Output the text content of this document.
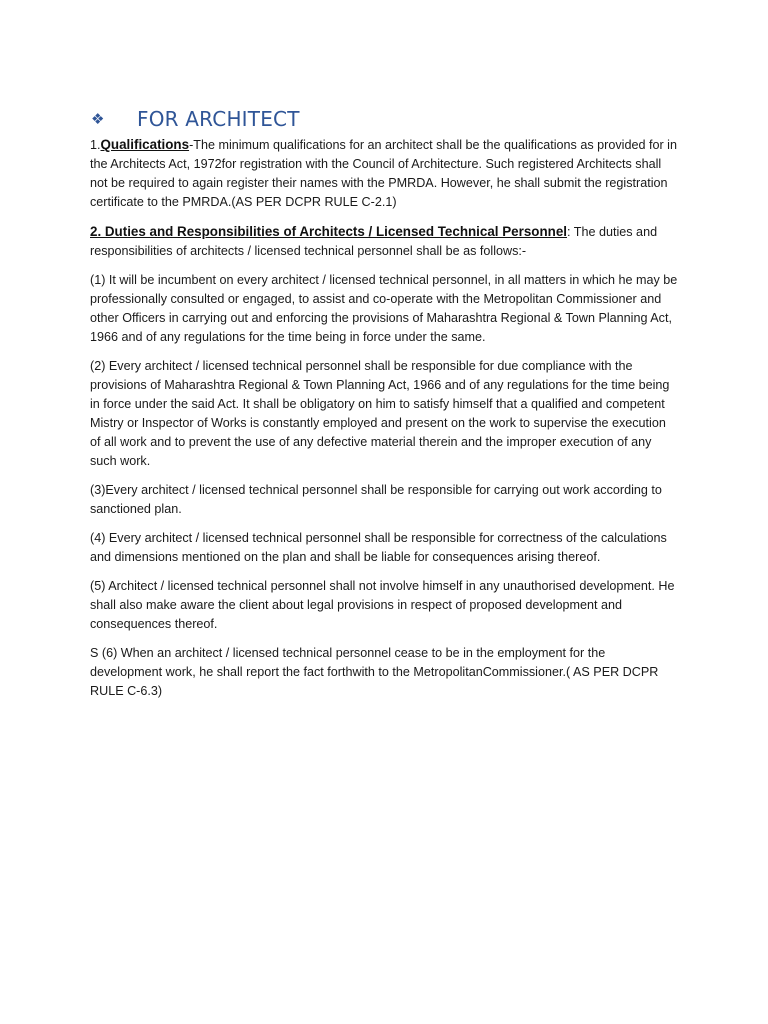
❖	FOR ARCHITECT

1.Qualifications-The minimum qualifications for an architect shall be the qualifications as provided for in the Architects Act, 1972for registration with the Council of Architecture. Such registered Architects shall not be required to again register their names with the PMRDA. However, he shall submit the registration certificate to the PMRDA.(AS PER DCPR RULE C-2.1)

2. Duties and Responsibilities of Architects / Licensed Technical Personnel: The duties and responsibilities of architects / licensed technical personnel shall be as follows:-

(1) It will be incumbent on every architect / licensed technical personnel, in all matters in which he may be professionally consulted or engaged, to assist and co-operate with the Metropolitan Commissioner and other Officers in carrying out and enforcing the provisions of Maharashtra Regional & Town Planning Act, 1966 and of any regulations for the time being in force under the same.

(2) Every architect / licensed technical personnel shall be responsible for due compliance with the provisions of Maharashtra Regional & Town Planning Act, 1966 and of any regulations for the time being in force under the said Act. It shall be obligatory on him to satisfy himself that a qualified and competent Mistry or Inspector of Works is constantly employed and present on the work to supervise the execution of all work and to prevent the use of any defective material therein and the improper execution of any such work.

(3)Every architect / licensed technical personnel shall be responsible for carrying out work according to sanctioned plan.

(4) Every architect / licensed technical personnel shall be responsible for correctness of the calculations and dimensions mentioned on the plan and shall be liable for consequences arising thereof.

(5) Architect / licensed technical personnel shall not involve himself in any unauthorised development. He shall also make aware the client about legal provisions in respect of proposed development and consequences thereof.

S (6) When an architect / licensed technical personnel cease to be in the employment for the development work, he shall report the fact forthwith to the MetropolitanCommissioner.( AS PER DCPR RULE C-6.3)
